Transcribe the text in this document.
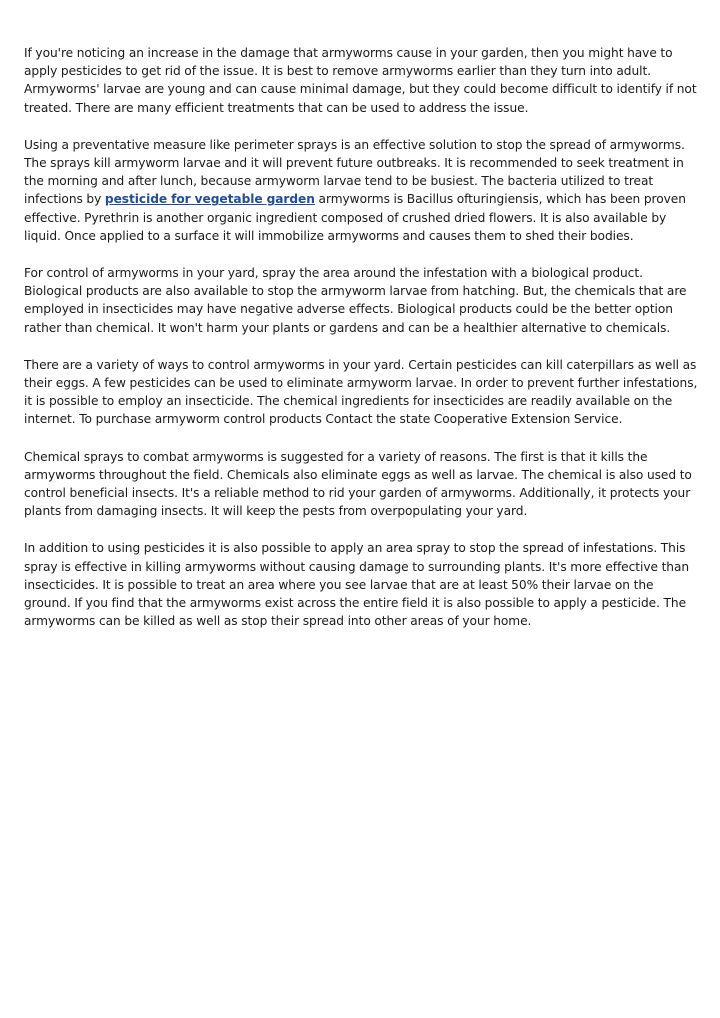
If you're noticing an increase in the damage that armyworms cause in your garden, then you might have to apply pesticides to get rid of the issue. It is best to remove armyworms earlier than they turn into adult. Armyworms' larvae are young and can cause minimal damage, but they could become difficult to identify if not treated. There are many efficient treatments that can be used to address the issue.

Using a preventative measure like perimeter sprays is an effective solution to stop the spread of armyworms. The sprays kill armyworm larvae and it will prevent future outbreaks. It is recommended to seek treatment in the morning and after lunch, because armyworm larvae tend to be busiest. The bacteria utilized to treat infections by pesticide for vegetable garden armyworms is Bacillus ofturingiensis, which has been proven effective. Pyrethrin is another organic ingredient composed of crushed dried flowers. It is also available by liquid. Once applied to a surface it will immobilize armyworms and causes them to shed their bodies.

For control of armyworms in your yard, spray the area around the infestation with a biological product. Biological products are also available to stop the armyworm larvae from hatching. But, the chemicals that are employed in insecticides may have negative adverse effects. Biological products could be the better option rather than chemical. It won't harm your plants or gardens and can be a healthier alternative to chemicals.

There are a variety of ways to control armyworms in your yard. Certain pesticides can kill caterpillars as well as their eggs. A few pesticides can be used to eliminate armyworm larvae. In order to prevent further infestations, it is possible to employ an insecticide. The chemical ingredients for insecticides are readily available on the internet. To purchase armyworm control products Contact the state Cooperative Extension Service.

Chemical sprays to combat armyworms is suggested for a variety of reasons. The first is that it kills the armyworms throughout the field. Chemicals also eliminate eggs as well as larvae. The chemical is also used to control beneficial insects. It's a reliable method to rid your garden of armyworms. Additionally, it protects your plants from damaging insects. It will keep the pests from overpopulating your yard.

In addition to using pesticides it is also possible to apply an area spray to stop the spread of infestations. This spray is effective in killing armyworms without causing damage to surrounding plants. It's more effective than insecticides. It is possible to treat an area where you see larvae that are at least 50% their larvae on the ground. If you find that the armyworms exist across the entire field it is also possible to apply a pesticide. The armyworms can be killed as well as stop their spread into other areas of your home.
